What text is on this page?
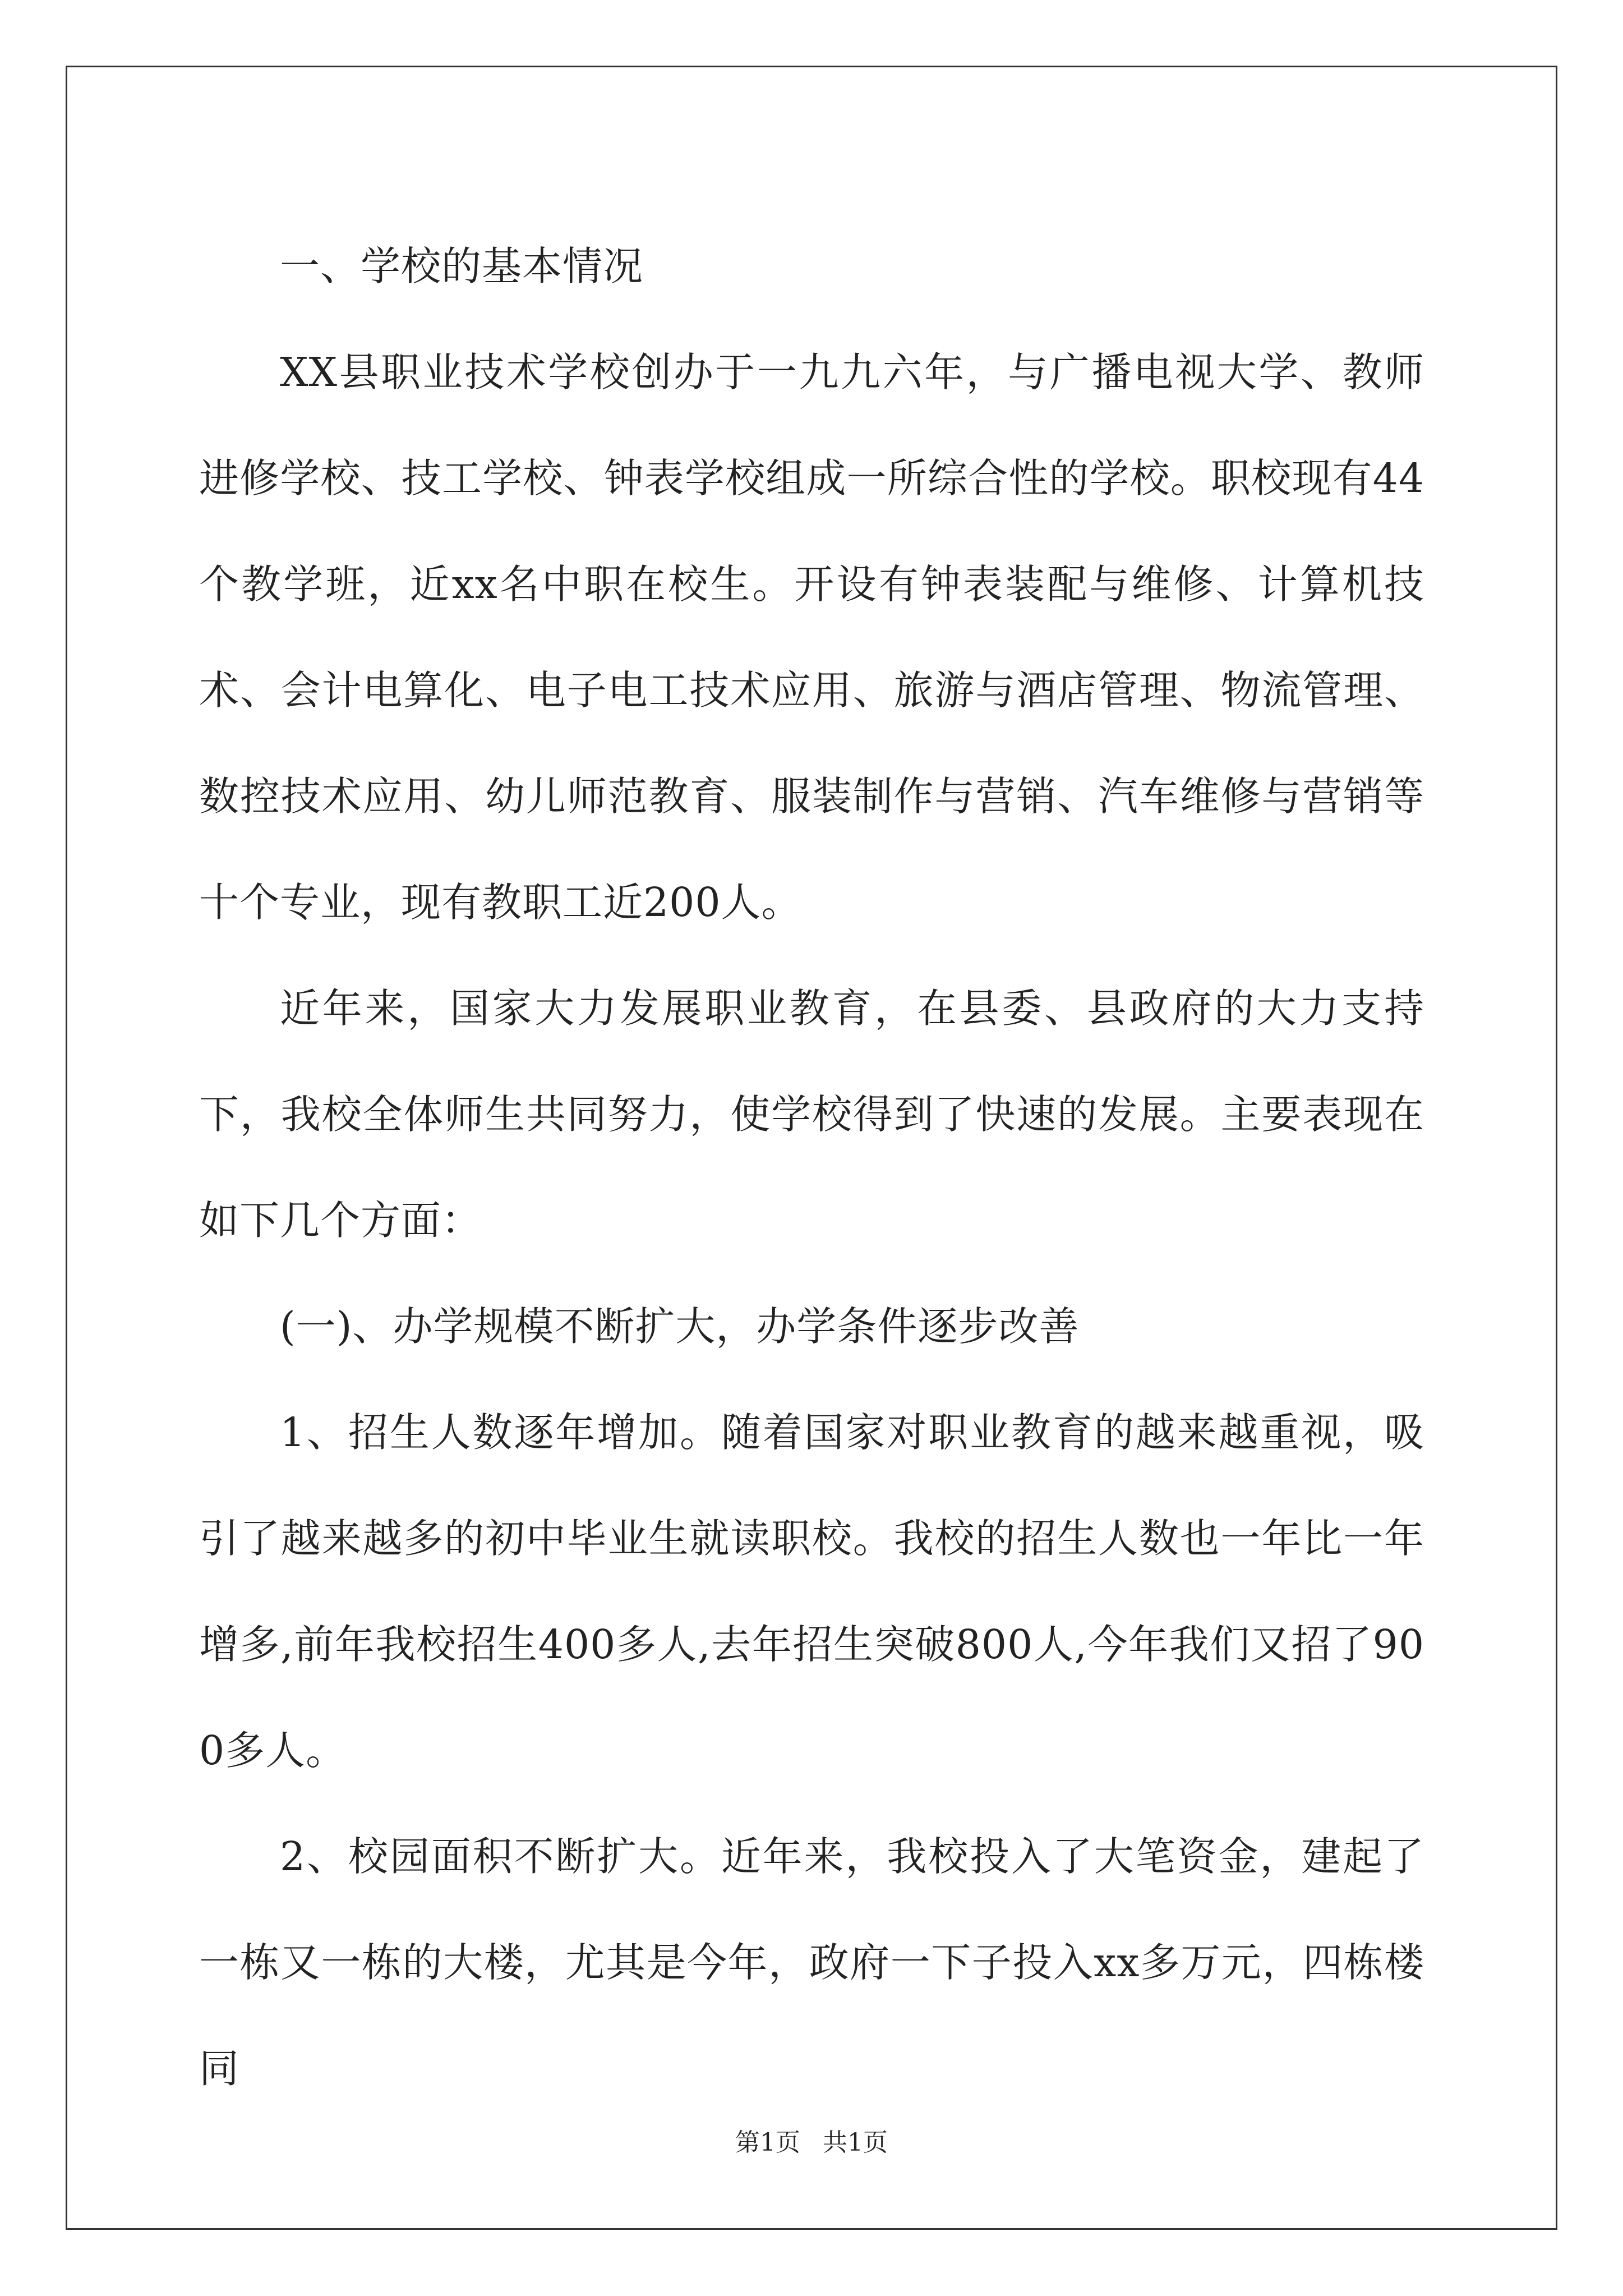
一、学校的基本情况

XX县职业技术学校创办于一九九六年，与广播电视大学、教师进修学校、技工学校、钟表学校组成一所综合性的学校。职校现有44个教学班，近xx名中职在校生。开设有钟表装配与维修、计算机技术、会计电算化、电子电工技术应用、旅游与酒店管理、物流管理、数控技术应用、幼儿师范教育、服装制作与营销、汽车维修与营销等十个专业，现有教职工近200人。

近年来，国家大力发展职业教育，在县委、县政府的大力支持下，我校全体师生共同努力，使学校得到了快速的发展。主要表现在如下几个方面：

(一)、办学规模不断扩大，办学条件逐步改善

1、招生人数逐年增加。随着国家对职业教育的越来越重视，吸引了越来越多的初中毕业生就读职校。我校的招生人数也一年比一年增多,前年我校招生400多人,去年招生突破800人,今年我们又招了900多人。

2、校园面积不断扩大。近年来，我校投入了大笔资金，建起了一栋又一栋的大楼，尤其是今年，政府一下子投入xx多万元，四栋楼同

第1页 共1页
